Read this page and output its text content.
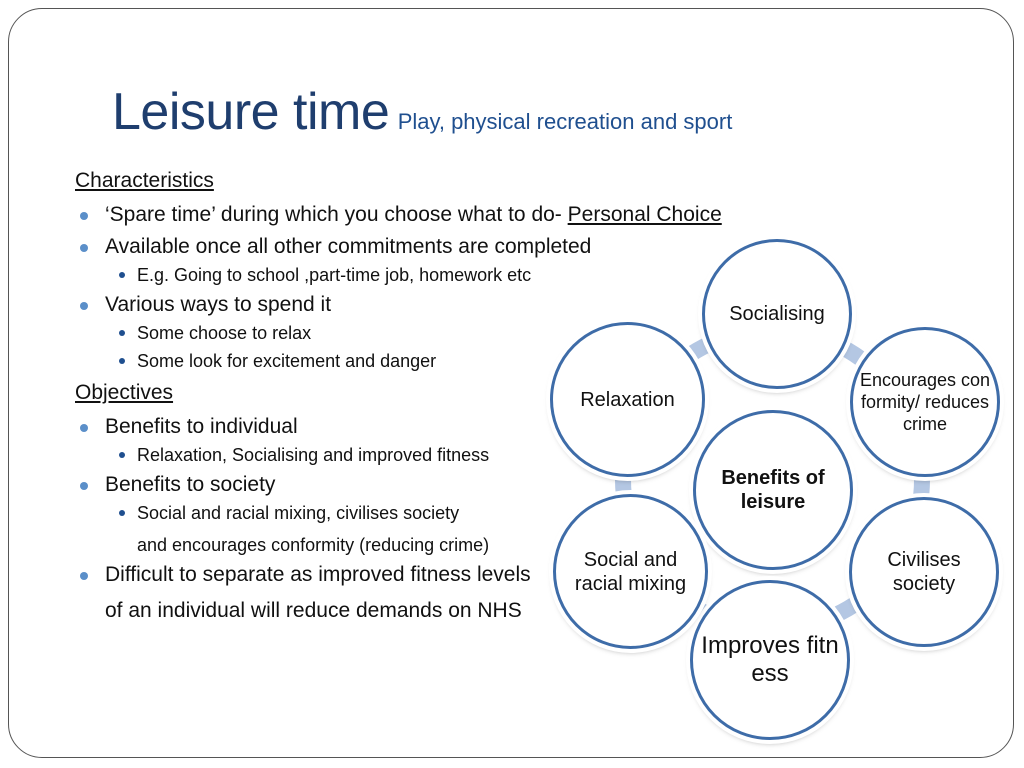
Leisure time Play, physical recreation and sport

Characteristics

‘Spare time’ during which you choose what to do- Personal Choice
Available once all other commitments are completed
E.g. Going to school ,part-time job, homework etc
Various ways to spend it
Some choose to relax
Some look for excitement and danger

Objectives

Benefits to individual
Relaxation, Socialising and improved fitness
Benefits to society
Social and racial mixing, civilises society
and encourages conformity (reducing crime)
Difficult to separate as improved fitness levels
of an individual will reduce demands on NHS
Benefits of leisure
Socialising
Encourages conformity/ reduces crime
Civilises society
Improves fitness
Social and racial mixing
Relaxation
